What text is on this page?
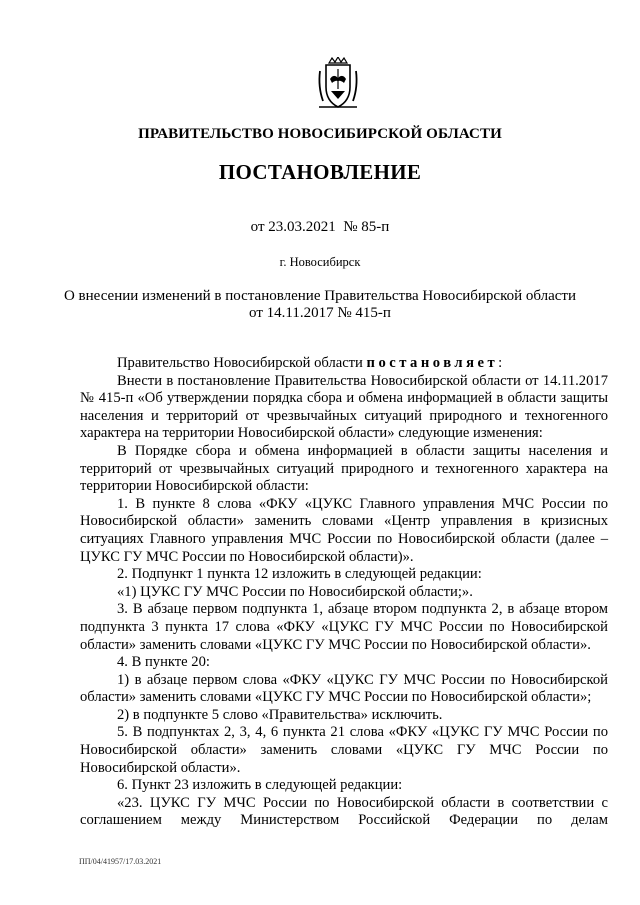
ПРАВИТЕЛЬСТВО НОВОСИБИРСКОЙ ОБЛАСТИ
ПОСТАНОВЛЕНИЕ
от 23.03.2021 № 85-п
г. Новосибирск
О внесении изменений в постановление Правительства Новосибирской области
от 14.11.2017 № 415-п

Правительство Новосибирской области постановляет:

Внести в постановление Правительства Новосибирской области от 14.11.2017 № 415-п «Об утверждении порядка сбора и обмена информацией в области защиты населения и территорий от чрезвычайных ситуаций природного и техногенного характера на территории Новосибирской области» следующие изменения:

В Порядке сбора и обмена информацией в области защиты населения и территорий от чрезвычайных ситуаций природного и техногенного характера на территории Новосибирской области:

1. В пункте 8 слова «ФКУ «ЦУКС Главного управления МЧС России по Новосибирской области» заменить словами «Центр управления в кризисных ситуациях Главного управления МЧС России по Новосибирской области (далее – ЦУКС ГУ МЧС России по Новосибирской области)».

2. Подпункт 1 пункта 12 изложить в следующей редакции:

«1) ЦУКС ГУ МЧС России по Новосибирской области;».

3. В абзаце первом подпункта 1, абзаце втором подпункта 2, в абзаце втором подпункта 3 пункта 17 слова «ФКУ «ЦУКС ГУ МЧС России по Новосибирской области» заменить словами «ЦУКС ГУ МЧС России по Новосибирской области».

4. В пункте 20:

1) в абзаце первом слова «ФКУ «ЦУКС ГУ МЧС России по Новосибирской области» заменить словами «ЦУКС ГУ МЧС России по Новосибирской области»;

2) в подпункте 5 слово «Правительства» исключить.

5. В подпунктах 2, 3, 4, 6 пункта 21 слова «ФКУ «ЦУКС ГУ МЧС России по Новосибирской области» заменить словами «ЦУКС ГУ МЧС России по Новосибирской области».

6. Пункт 23 изложить в следующей редакции:

«23. ЦУКС ГУ МЧС России по Новосибирской области в соответствии с соглашением между Министерством Российской Федерации по делам

ПП/04/41957/17.03.2021
